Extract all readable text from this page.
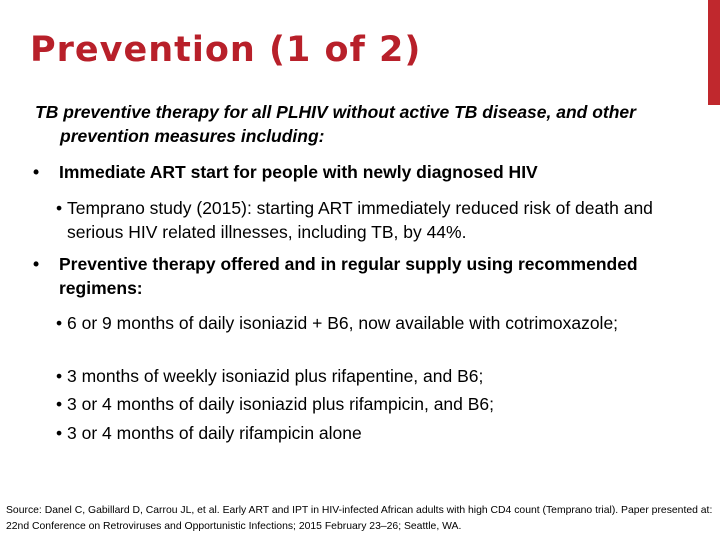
Prevention (1 of 2)
TB preventive therapy for all PLHIV without active TB disease, and other prevention measures including:
•	Immediate ART start for people with newly diagnosed HIV
• Temprano study (2015): starting ART immediately reduced risk of death and serious HIV related illnesses, including TB, by 44%.
•	Preventive therapy offered and in regular supply using recommended regimens:
• 6 or 9 months of daily isoniazid + B6, now available with cotrimoxazole;
• 3 months of weekly isoniazid plus rifapentine, and B6;
• 3 or 4 months of daily isoniazid plus rifampicin, and B6;
• 3 or 4 months of daily rifampicin alone
Source: Danel C, Gabillard D, Carrou JL, et al. Early ART and IPT in HIV-infected African adults with high CD4 count (Temprano trial). Paper presented at: 22nd Conference on Retroviruses and Opportunistic Infections; 2015 February 23–26; Seattle, WA.
